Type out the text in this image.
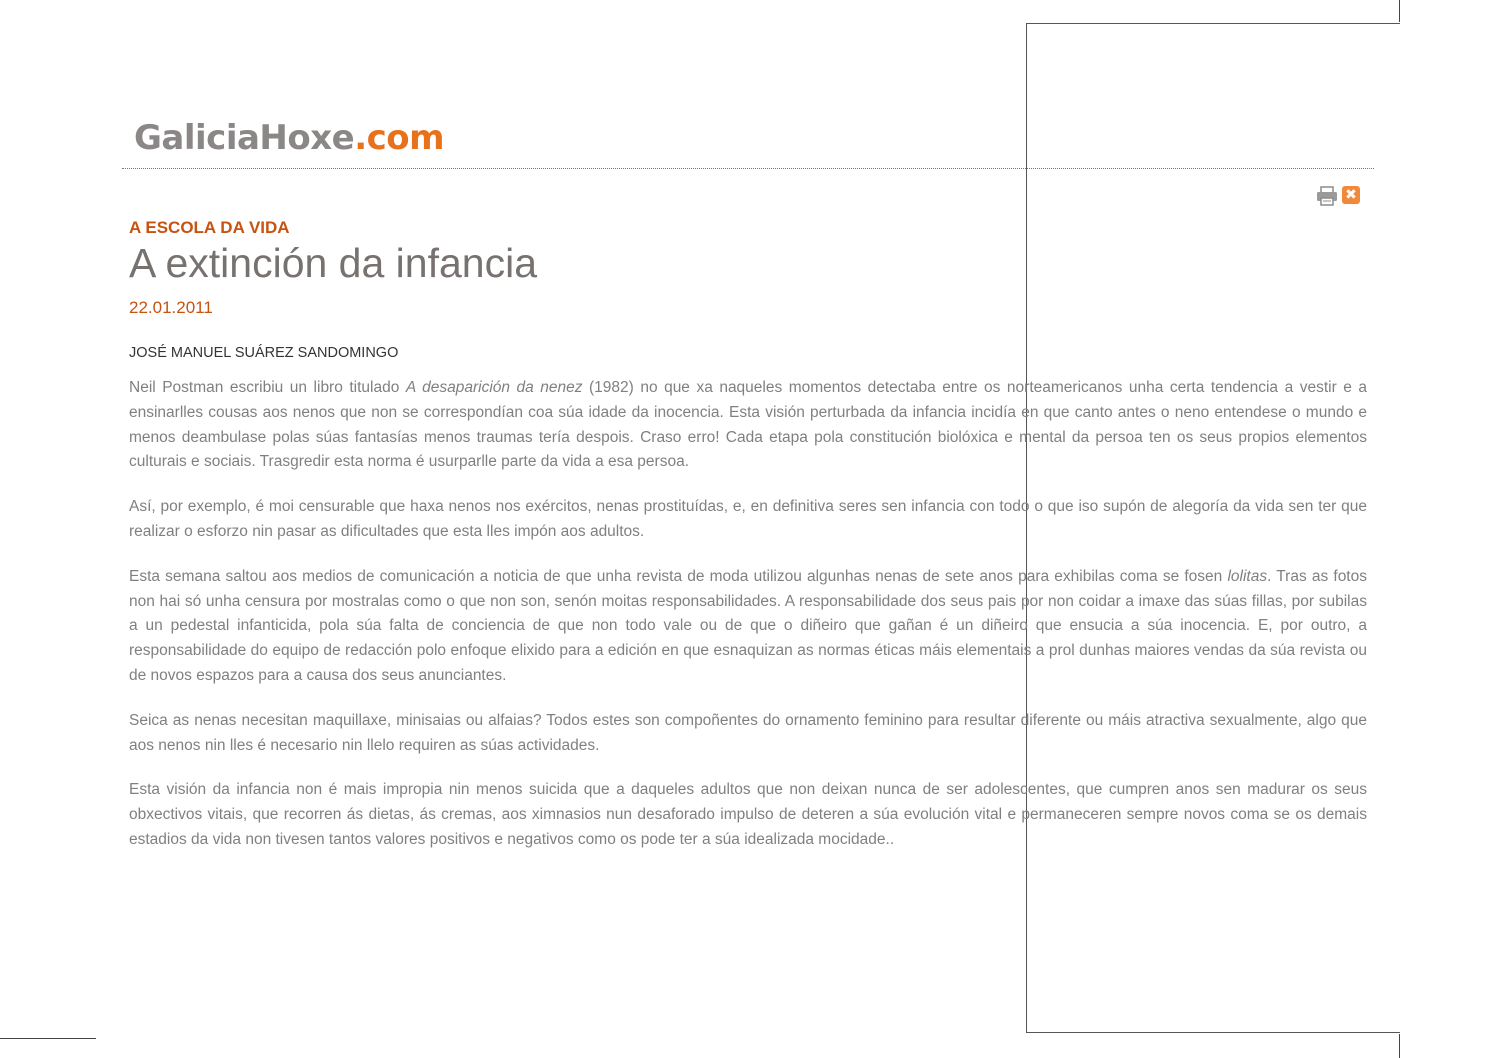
GaliciaHoxe.com
✖
A ESCOLA DA VIDA
A extinción da infancia
22.01.2011
JOSÉ MANUEL SUÁREZ SANDOMINGO

Neil Postman escribiu un libro titulado A desaparición da nenez (1982) no que xa naqueles momentos detectaba entre os norteamericanos unha certa tendencia a vestir e a ensinarlles cousas aos nenos que non se correspondían coa súa idade da inocencia. Esta visión perturbada da infancia incidía en que canto antes o neno entendese o mundo e menos deambulase polas súas fantasías menos traumas tería despois. Craso erro! Cada etapa pola constitución biolóxica e mental da persoa ten os seus propios elementos culturais e sociais. Trasgredir esta norma é usurparlle parte da vida a esa persoa.

Así, por exemplo, é moi censurable que haxa nenos nos exércitos, nenas prostituídas, e, en definitiva seres sen infancia con todo o que iso supón de alegoría da vida sen ter que realizar o esforzo nin pasar as dificultades que esta lles impón aos adultos.

Esta semana saltou aos medios de comunicación a noticia de que unha revista de moda utilizou algunhas nenas de sete anos para exhibilas coma se fosen lolitas. Tras as fotos non hai só unha censura por mostralas como o que non son, senón moitas responsabilidades. A responsabilidade dos seus pais por non coidar a imaxe das súas fillas, por subilas a un pedestal infanticida, pola súa falta de conciencia de que non todo vale ou de que o diñeiro que gañan é un diñeiro que ensucia a súa inocencia. E, por outro, a responsabilidade do equipo de redacción polo enfoque elixido para a edición en que esnaquizan as normas éticas máis elementais a prol dunhas maiores vendas da súa revista ou de novos espazos para a causa dos seus anunciantes.

Seica as nenas necesitan maquillaxe, minisaias ou alfaias? Todos estes son compoñentes do ornamento feminino para resultar diferente ou máis atractiva sexualmente, algo que aos nenos nin lles é necesario nin llelo requiren as súas actividades.

Esta visión da infancia non é mais impropia nin menos suicida que a daqueles adultos que non deixan nunca de ser adolescentes, que cumpren anos sen madurar os seus obxectivos vitais, que recorren ás dietas, ás cremas, aos ximnasios nun desaforado impulso de deteren a súa evolución vital e permaneceren sempre novos coma se os demais estadios da vida non tivesen tantos valores positivos e negativos como os pode ter a súa idealizada mocidade..
